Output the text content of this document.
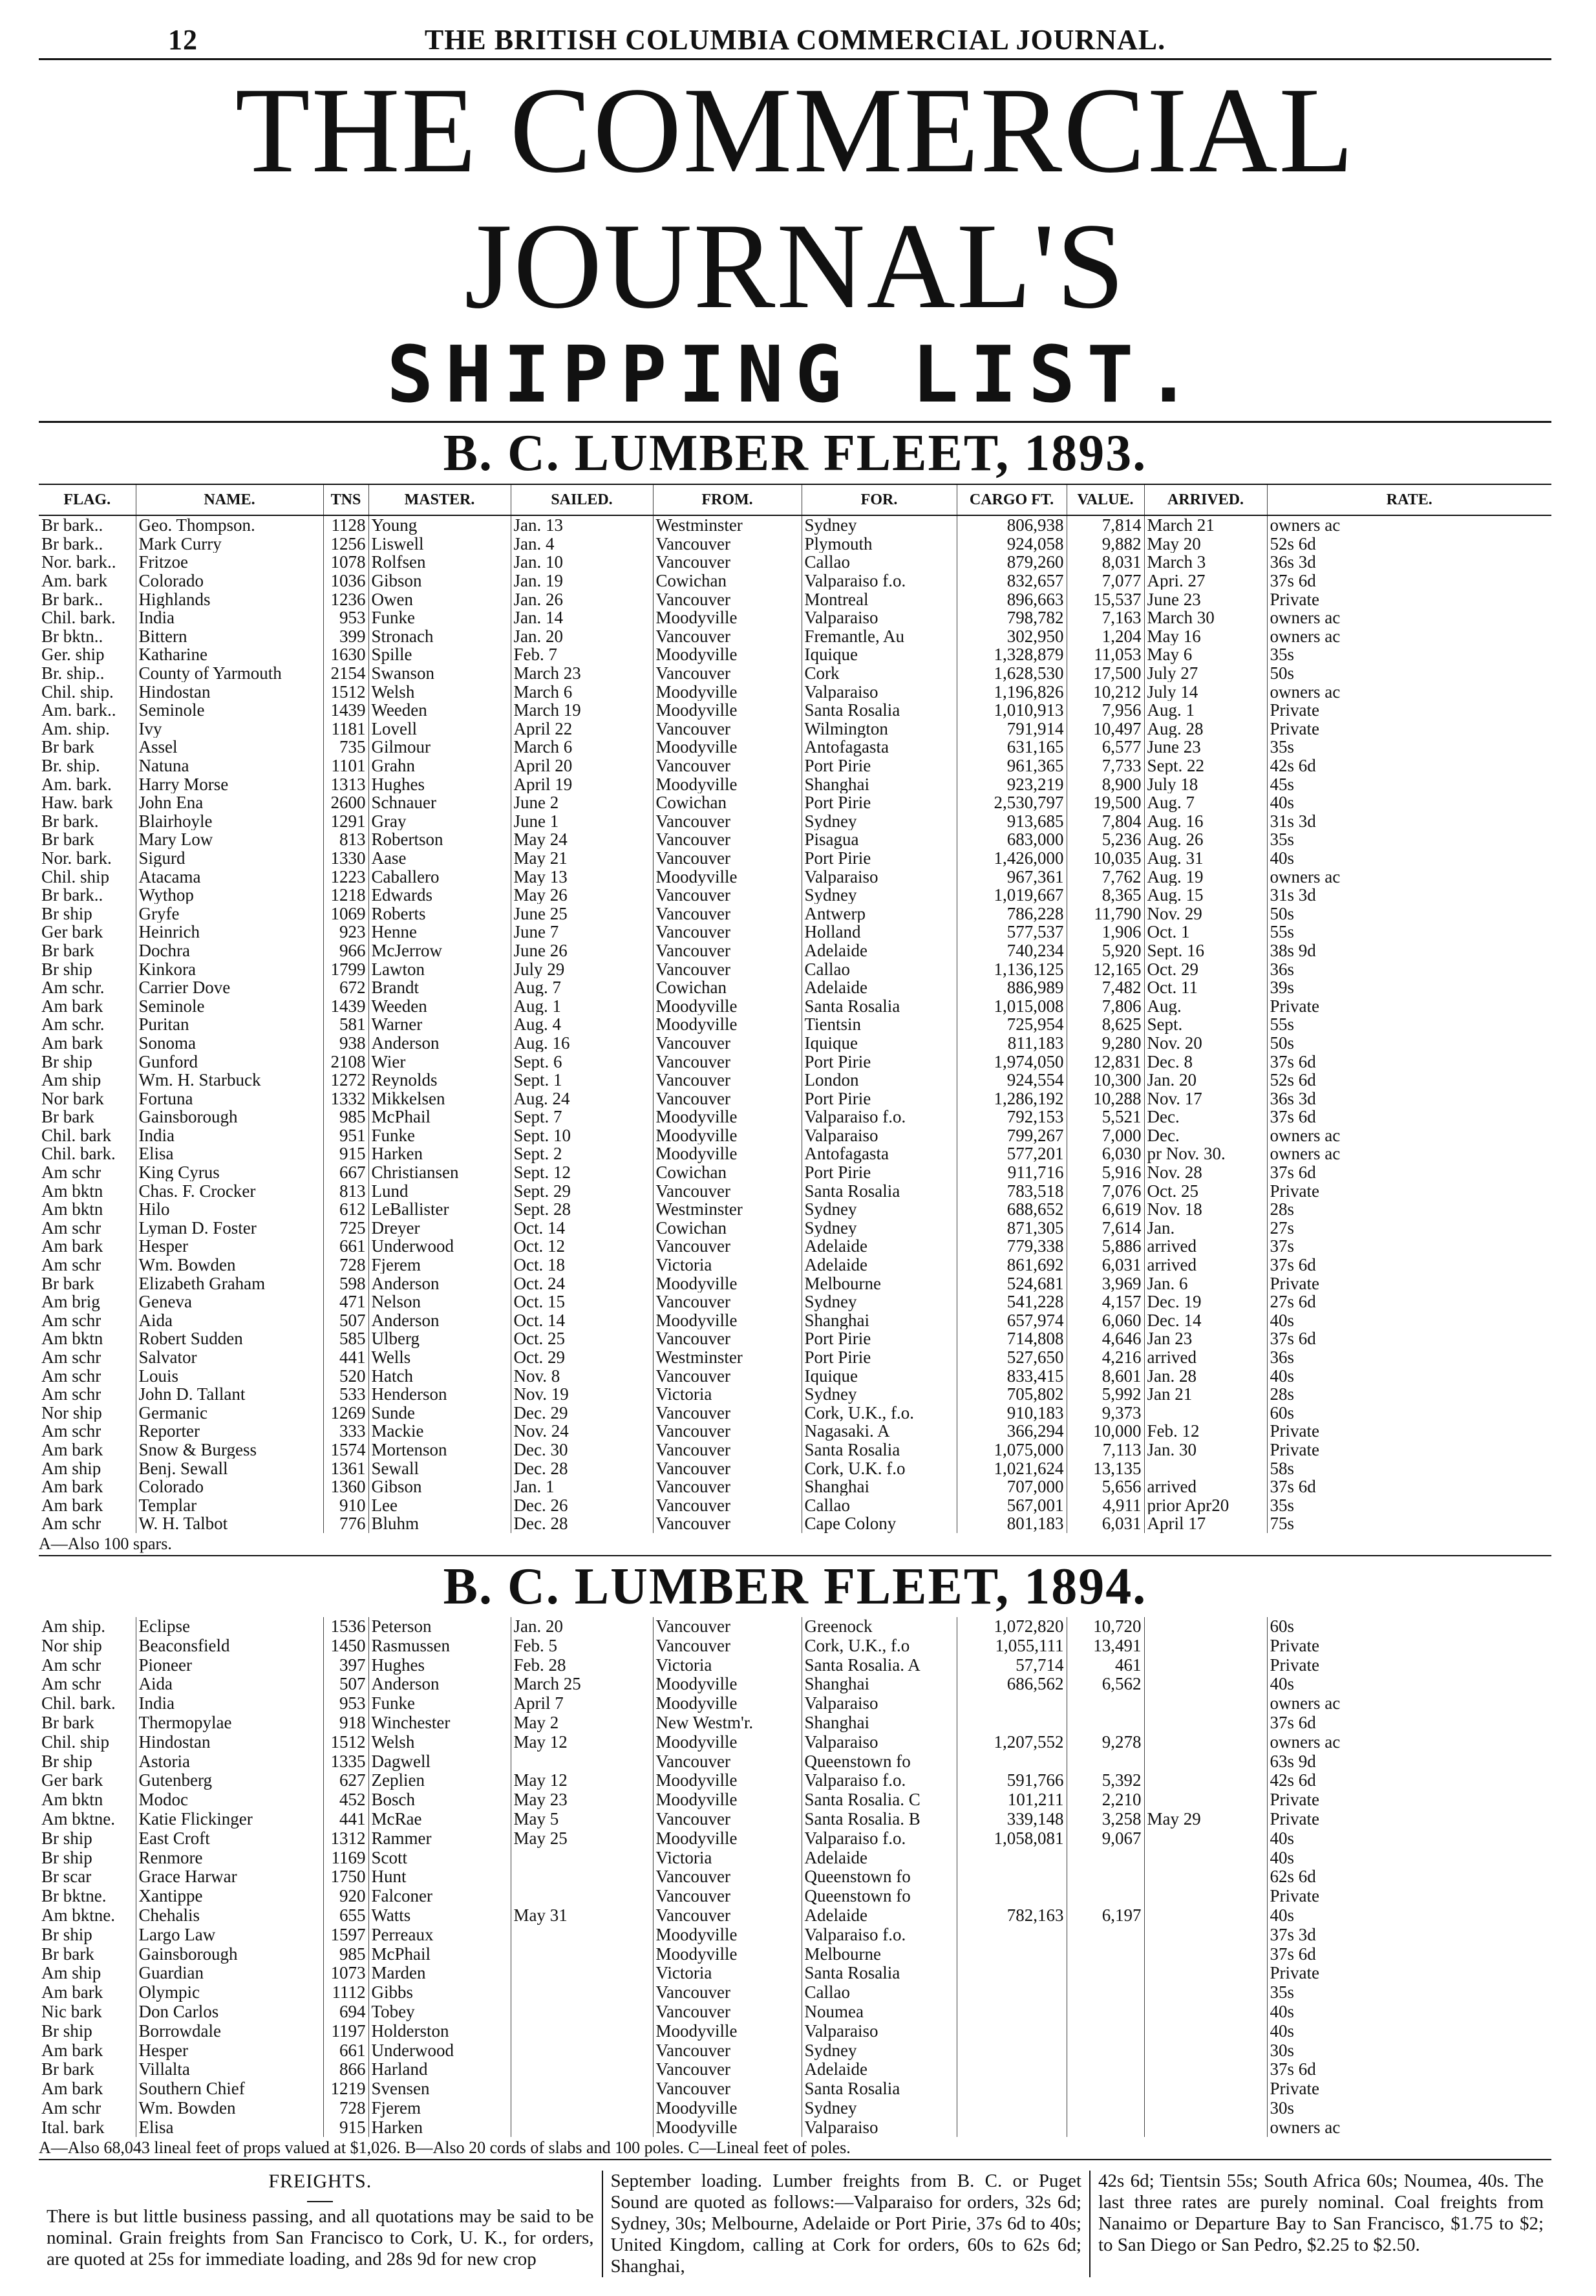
12	THE BRITISH COLUMBIA COMMERCIAL JOURNAL.
THE COMMERCIAL JOURNAL'S
SHIPPING LIST.
B. C. LUMBER FLEET, 1893.
FLAG.	NAME.	TNS	MASTER.	SAILED.	FROM.	FOR.	CARGO FT.	VALUE.	ARRIVED.	RATE.
Br bark..	Geo. Thompson.	1128	Young	Jan. 13	Westminster	Sydney	806,938	7,814	March 21	owners ac
Br bark..	Mark Curry	1256	Liswell	Jan. 4	Vancouver	Plymouth	924,058	9,882	May 20	52s 6d
Nor. bark..	Fritzoe	1078	Rolfsen	Jan. 10	Vancouver	Callao	879,260	8,031	March 3	36s 3d
Am. bark	Colorado	1036	Gibson	Jan. 19	Cowichan	Valparaiso f.o.	832,657	7,077	Apri. 27	37s 6d
Br bark..	Highlands	1236	Owen	Jan. 26	Vancouver	Montreal	896,663	15,537	June 23	Private
Chil. bark.	India	953	Funke	Jan. 14	Moodyville	Valparaiso	798,782	7,163	March 30	owners ac
Br bktn..	Bittern	399	Stronach	Jan. 20	Vancouver	Fremantle, Au	302,950	1,204	May 16	owners ac
Ger. ship	Katharine	1630	Spille	Feb. 7	Moodyville	Iquique	1,328,879	11,053	May 6	35s
Br. ship..	County of Yarmouth	2154	Swanson	March 23	Vancouver	Cork	1,628,530	17,500	July 27	50s
Chil. ship.	Hindostan	1512	Welsh	March 6	Moodyville	Valparaiso	1,196,826	10,212	July 14	owners ac
Am. bark..	Seminole	1439	Weeden	March 19	Moodyville	Santa Rosalia	1,010,913	7,956	Aug. 1	Private
Am. ship.	Ivy	1181	Lovell	April 22	Vancouver	Wilmington	791,914	10,497	Aug. 28	Private
Br bark	Assel	735	Gilmour	March 6	Moodyville	Antofagasta	631,165	6,577	June 23	35s
Br. ship.	Natuna	1101	Grahn	April 20	Vancouver	Port Pirie	961,365	7,733	Sept. 22	42s 6d
Am. bark.	Harry Morse	1313	Hughes	April 19	Moodyville	Shanghai	923,219	8,900	July 18	45s
Haw. bark	John Ena	2600	Schnauer	June 2	Cowichan	Port Pirie	2,530,797	19,500	Aug. 7	40s
Br bark.	Blairhoyle	1291	Gray	June 1	Vancouver	Sydney	913,685	7,804	Aug. 16	31s 3d
Br bark	Mary Low	813	Robertson	May 24	Vancouver	Pisagua	683,000	5,236	Aug. 26	35s
Nor. bark.	Sigurd	1330	Aase	May 21	Vancouver	Port Pirie	1,426,000	10,035	Aug. 31	40s
Chil. ship	Atacama	1223	Caballero	May 13	Moodyville	Valparaiso	967,361	7,762	Aug. 19	owners ac
Br bark..	Wythop	1218	Edwards	May 26	Vancouver	Sydney	1,019,667	8,365	Aug. 15	31s 3d
Br ship	Gryfe	1069	Roberts	June 25	Vancouver	Antwerp	786,228	11,790	Nov. 29	50s
Ger bark	Heinrich	923	Henne	June 7	Vancouver	Holland	577,537	1,906	Oct. 1	55s
Br bark	Dochra	966	McJerrow	June 26	Vancouver	Adelaide	740,234	5,920	Sept. 16	38s 9d
Br ship	Kinkora	1799	Lawton	July 29	Vancouver	Callao	1,136,125	12,165	Oct. 29	36s
Am schr.	Carrier Dove	672	Brandt	Aug. 7	Cowichan	Adelaide	886,989	7,482	Oct. 11	39s
Am bark	Seminole	1439	Weeden	Aug. 1	Moodyville	Santa Rosalia	1,015,008	7,806	Aug.	Private
Am schr.	Puritan	581	Warner	Aug. 4	Moodyville	Tientsin	725,954	8,625	Sept.	55s
Am bark	Sonoma	938	Anderson	Aug. 16	Vancouver	Iquique	811,183	9,280	Nov. 20	50s
Br ship	Gunford	2108	Wier	Sept. 6	Vancouver	Port Pirie	1,974,050	12,831	Dec. 8	37s 6d
Am ship	Wm. H. Starbuck	1272	Reynolds	Sept. 1	Vancouver	London	924,554	10,300	Jan. 20	52s 6d
Nor bark	Fortuna	1332	Mikkelsen	Aug. 24	Vancouver	Port Pirie	1,286,192	10,288	Nov. 17	36s 3d
Br bark	Gainsborough	985	McPhail	Sept. 7	Moodyville	Valparaiso f.o.	792,153	5,521	Dec.	37s 6d
Chil. bark	India	951	Funke	Sept. 10	Moodyville	Valparaiso	799,267	7,000	Dec.	owners ac
Chil. bark.	Elisa	915	Harken	Sept. 2	Moodyville	Antofagasta	577,201	6,030	pr Nov. 30.	owners ac
Am schr	King Cyrus	667	Christiansen	Sept. 12	Cowichan	Port Pirie	911,716	5,916	Nov. 28	37s 6d
Am bktn	Chas. F. Crocker	813	Lund	Sept. 29	Vancouver	Santa Rosalia	783,518	7,076	Oct. 25	Private
Am bktn	Hilo	612	LeBallister	Sept. 28	Westminster	Sydney	688,652	6,619	Nov. 18	28s
Am schr	Lyman D. Foster	725	Dreyer	Oct. 14	Cowichan	Sydney	871,305	7,614	Jan.	27s
Am bark	Hesper	661	Underwood	Oct. 12	Vancouver	Adelaide	779,338	5,886	arrived	37s
Am schr	Wm. Bowden	728	Fjerem	Oct. 18	Victoria	Adelaide	861,692	6,031	arrived	37s 6d
Br bark	Elizabeth Graham	598	Anderson	Oct. 24	Moodyville	Melbourne	524,681	3,969	Jan. 6	Private
Am brig	Geneva	471	Nelson	Oct. 15	Vancouver	Sydney	541,228	4,157	Dec. 19	27s 6d
Am schr	Aida	507	Anderson	Oct. 14	Moodyville	Shanghai	657,974	6,060	Dec. 14	40s
Am bktn	Robert Sudden	585	Ulberg	Oct. 25	Vancouver	Port Pirie	714,808	4,646	Jan 23	37s 6d
Am schr	Salvator	441	Wells	Oct. 29	Westminster	Port Pirie	527,650	4,216	arrived	36s
Am schr	Louis	520	Hatch	Nov. 8	Vancouver	Iquique	833,415	8,601	Jan. 28	40s
Am schr	John D. Tallant	533	Henderson	Nov. 19	Victoria	Sydney	705,802	5,992	Jan 21	28s
Nor ship	Germanic	1269	Sunde	Dec. 29	Vancouver	Cork, U.K., f.o.	910,183	9,373		60s
Am schr	Reporter	333	Mackie	Nov. 24	Vancouver	Nagasaki. A	366,294	10,000	Feb. 12	Private
Am bark	Snow & Burgess	1574	Mortenson	Dec. 30	Vancouver	Santa Rosalia	1,075,000	7,113	Jan. 30	Private
Am ship	Benj. Sewall	1361	Sewall	Dec. 28	Vancouver	Cork, U.K. f.o	1,021,624	13,135		58s
Am bark	Colorado	1360	Gibson	Jan. 1	Vancouver	Shanghai	707,000	5,656	arrived	37s 6d
Am bark	Templar	910	Lee	Dec. 26	Vancouver	Callao	567,001	4,911	prior Apr20	35s
Am schr	W. H. Talbot	776	Bluhm	Dec. 28	Vancouver	Cape Colony	801,183	6,031	April 17	75s
A—Also 100 spars.
B. C. LUMBER FLEET, 1894.
Am ship.	Eclipse	1536	Peterson	Jan. 20	Vancouver	Greenock	1,072,820	10,720		60s
Nor ship	Beaconsfield	1450	Rasmussen	Feb. 5	Vancouver	Cork, U.K., f.o	1,055,111	13,491		Private
Am schr	Pioneer	397	Hughes	Feb. 28	Victoria	Santa Rosalia. A	57,714	461		Private
Am schr	Aida	507	Anderson	March 25	Moodyville	Shanghai	686,562	6,562		40s
Chil. bark.	India	953	Funke	April 7	Moodyville	Valparaiso				owners ac
Br bark	Thermopylae	918	Winchester	May 2	New Westm'r.	Shanghai				37s 6d
Chil. ship	Hindostan	1512	Welsh	May 12	Moodyville	Valparaiso	1,207,552	9,278		owners ac
Br ship	Astoria	1335	Dagwell		Vancouver	Queenstown fo				63s 9d
Ger bark	Gutenberg	627	Zeplien	May 12	Moodyville	Valparaiso f.o.	591,766	5,392		42s 6d
Am bktn	Modoc	452	Bosch	May 23	Moodyville	Santa Rosalia. C	101,211	2,210		Private
Am bktne.	Katie Flickinger	441	McRae	May 5	Vancouver	Santa Rosalia. B	339,148	3,258	May 29	Private
Br ship	East Croft	1312	Rammer	May 25	Moodyville	Valparaiso f.o.	1,058,081	9,067		40s
Br ship	Renmore	1169	Scott		Victoria	Adelaide				40s
Br scar	Grace Harwar	1750	Hunt		Vancouver	Queenstown fo				62s 6d
Br bktne.	Xantippe	920	Falconer		Vancouver	Queenstown fo				Private
Am bktne.	Chehalis	655	Watts	May 31	Vancouver	Adelaide	782,163	6,197		40s
Br ship	Largo Law	1597	Perreaux		Moodyville	Valparaiso f.o.				37s 3d
Br bark	Gainsborough	985	McPhail		Moodyville	Melbourne				37s 6d
Am ship	Guardian	1073	Marden		Victoria	Santa Rosalia				Private
Am bark	Olympic	1112	Gibbs		Vancouver	Callao				35s
Nic bark	Don Carlos	694	Tobey		Vancouver	Noumea				40s
Br ship	Borrowdale	1197	Holderston		Moodyville	Valparaiso				40s
Am bark	Hesper	661	Underwood		Vancouver	Sydney				30s
Br bark	Villalta	866	Harland		Vancouver	Adelaide				37s 6d
Am bark	Southern Chief	1219	Svensen		Vancouver	Santa Rosalia				Private
Am schr	Wm. Bowden	728	Fjerem		Moodyville	Sydney				30s
Ital. bark	Elisa	915	Harken		Moodyville	Valparaiso				owners ac
A—Also 68,043 lineal feet of props valued at $1,026. B—Also 20 cords of slabs and 100 poles. C—Lineal feet of poles.
FREIGHTS.
There is but little business passing, and all quotations may be said to be nominal. Grain freights from San Francisco to Cork, U. K., for orders, are quoted at 25s for immediate loading, and 28s 9d for new crop
September loading. Lumber freights from B. C. or Puget Sound are quoted as follows:—Valparaiso for orders, 32s 6d; Sydney, 30s; Melbourne, Adelaide or Port Pirie, 37s 6d to 40s; United Kingdom, calling at Cork for orders, 60s to 62s 6d; Shanghai,
42s 6d; Tientsin 55s; South Africa 60s; Noumea, 40s. The last three rates are purely nominal. Coal freights from Nanaimo or Departure Bay to San Francisco, $1.75 to $2; to San Diego or San Pedro, $2.25 to $2.50.
